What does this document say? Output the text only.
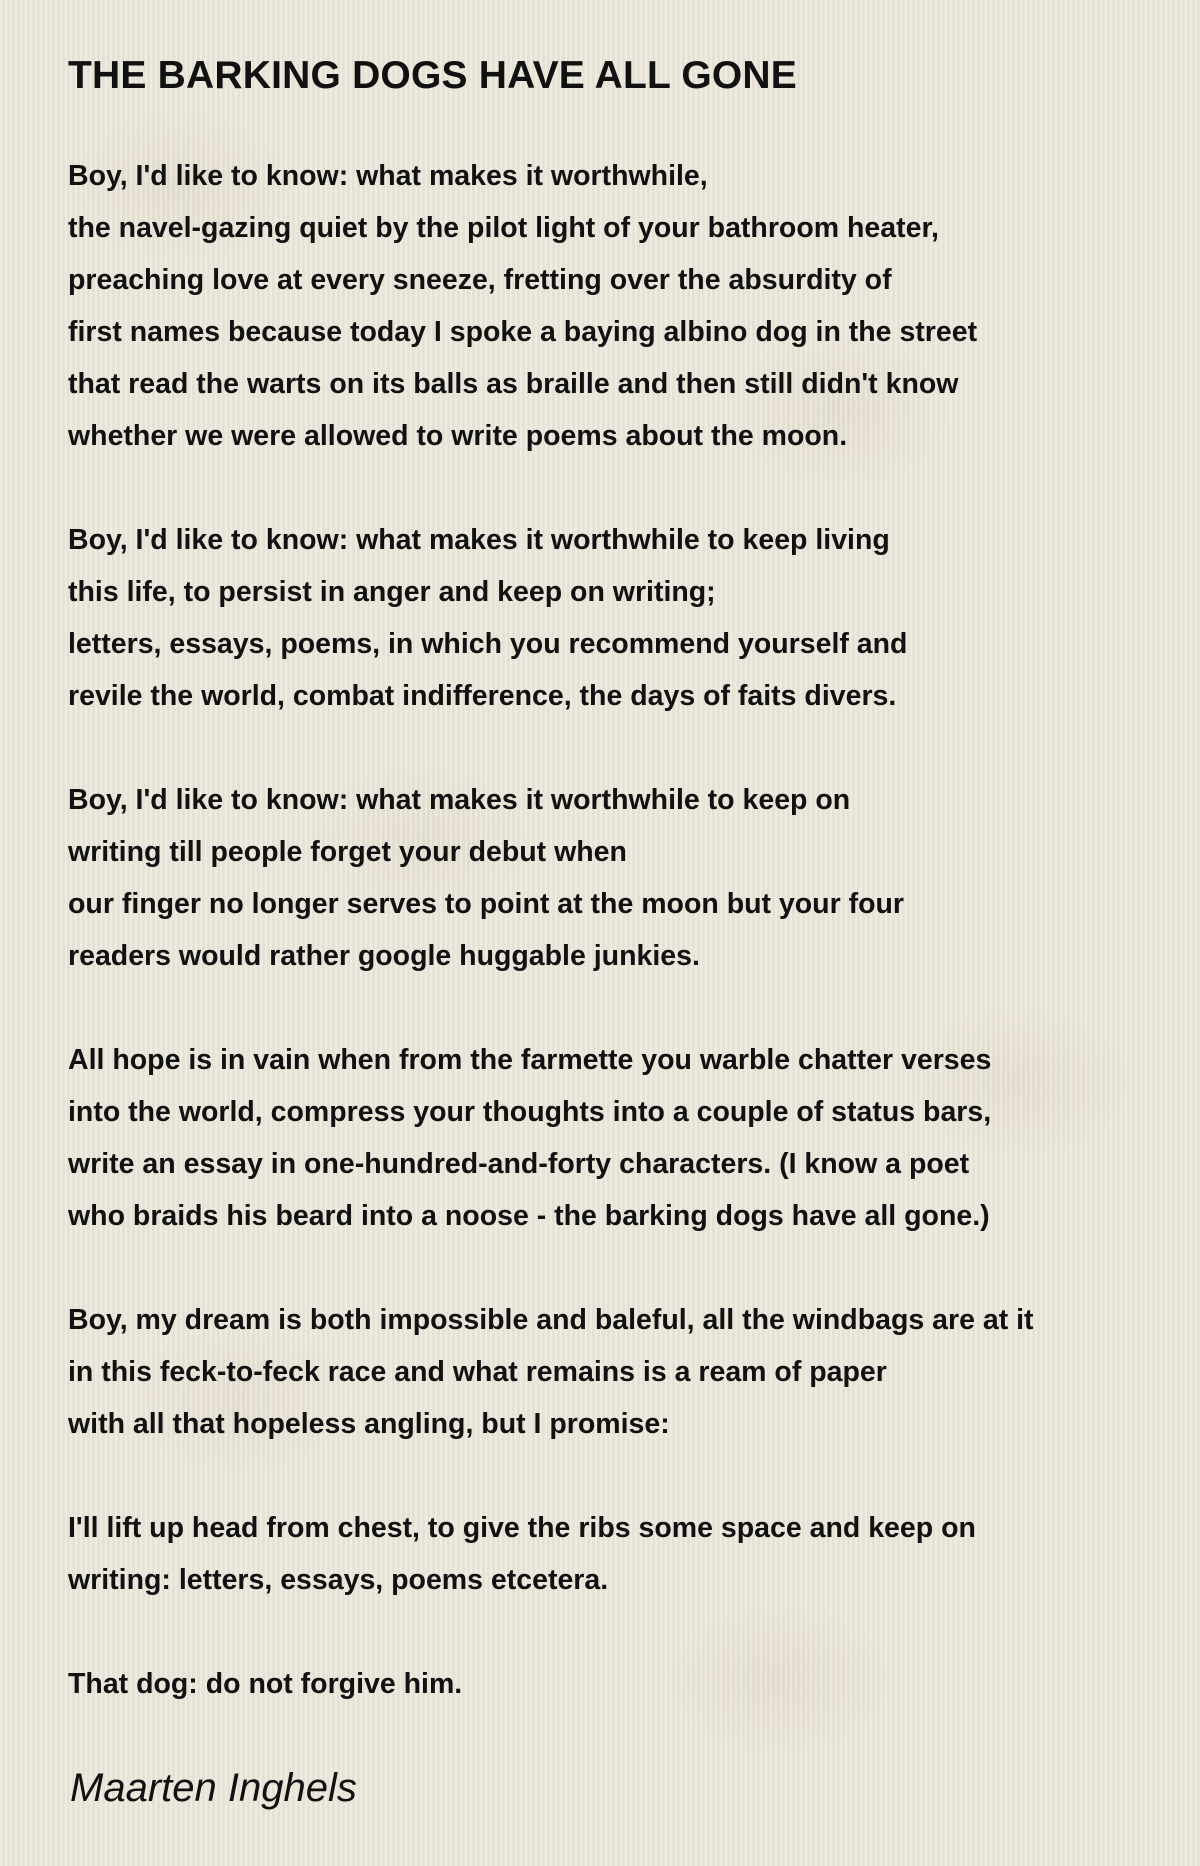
THE BARKING DOGS HAVE ALL GONE
Boy, I'd like to know: what makes it worthwhile,
the navel-gazing quiet by the pilot light of your bathroom heater,
preaching love at every sneeze, fretting over the absurdity of
first names because today I spoke a baying albino dog in the street
that read the warts on its balls as braille and then still didn't know
whether we were allowed to write poems about the moon.
Boy, I'd like to know: what makes it worthwhile to keep living
this life, to persist in anger and keep on writing;
letters, essays, poems, in which you recommend yourself and
revile the world, combat indifference, the days of faits divers.
Boy, I'd like to know: what makes it worthwhile to keep on
writing till people forget your debut when
our finger no longer serves to point at the moon but your four
readers would rather google huggable junkies.
All hope is in vain when from the farmette you warble chatter verses
into the world, compress your thoughts into a couple of status bars,
write an essay in one-hundred-and-forty characters. (I know a poet
who braids his beard into a noose - the barking dogs have all gone.)
Boy, my dream is both impossible and baleful, all the windbags are at it
in this feck-to-feck race and what remains is a ream of paper
with all that hopeless angling, but I promise:
I'll lift up head from chest, to give the ribs some space and keep on
writing: letters, essays, poems etcetera.
That dog: do not forgive him.

Maarten Inghels
